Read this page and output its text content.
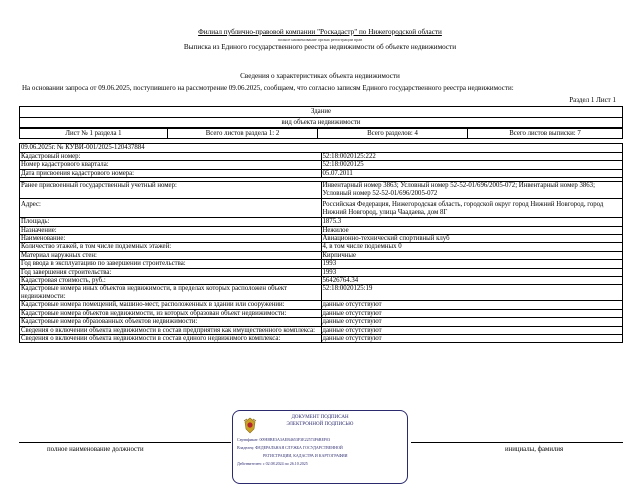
Филиал публично-правовой компании "Роскадастр" по Нижегородской области
полное наименование органа регистрации прав
Выписка из Единого государственного реестра недвижимости об объекте недвижимости
Сведения о характеристиках объекта недвижимости
На основании запроса от 09.06.2025, поступившего на рассмотрение 09.06.2025, сообщаем, что согласно записям Единого государственного реестра недвижимости:
Раздел 1 Лист 1
Здание
вид объекта недвижимости
Лист № 1 раздела 1	Всего листов раздела 1: 2	Всего разделов: 4	Всего листов выписки: 7
09.06.2025г. № КУВИ-001/2025-120437884	
Кадастровый номер:	52:18:0020125:222
Номер кадастрового квартала:	52:18:0020125
Дата присвоения кадастрового номера:	05.07.2011

Ранее присвоенный государственный учетный номер:	Инвентарный номер 3863; Условный номер 52-52-01/696/2005-072; Инвентарный номер 3863; Условный номер 52-52-01/696/2005-072
Адрес:	Российская Федерация, Нижегородская область, городской округ город Нижний Новгород, город Нижний Новгород, улица Чаадаева, дом 8Г
Площадь:	1875.3
Назначение:	Нежилое
Наименование:	Авиационно-технический спортивный клуб
Количество этажей, в том числе подземных этажей:	4, в том числе подземных 0
Материал наружных стен:	Кирпичные
Год ввода в эксплуатацию по завершении строительства:	1993
Год завершения строительства:	1993
Кадастровая стоимость, руб.:	56426764.34
Кадастровые номера иных объектов недвижимости, в пределах которых расположен объект недвижимости:	52:18:0020125:19
Кадастровые номера помещений, машино-мест, расположенных в здании или сооружении:	данные отсутствуют
Кадастровые номера объектов недвижимости, из которых образован объект недвижимости:	данные отсутствуют
Кадастровые номера образованных объектов недвижимости:	данные отсутствуют
Сведения о включении объекта недвижимости в состав предприятия как имущественного комплекса:	данные отсутствуют
Сведения о включении объекта недвижимости в состав единого недвижимого комплекса:	данные отсутствуют
полное наименование должности	инициалы, фамилия
ДОКУМЕНТ ПОДПИСАН
ЭЛЕКТРОННОЙ ПОДПИСЬЮ
Сертификат: 009E8BE3A3AEB4653F3E22574F6BEF03
Владелец: ФЕДЕРАЛЬНАЯ СЛУЖБА ГОСУДАРСТВЕННОЙ
РЕГИСТРАЦИИ, КАДАСТРА И КАРТОГРАФИИ
Действителен: с 02.08.2024 по 26.10.2025
